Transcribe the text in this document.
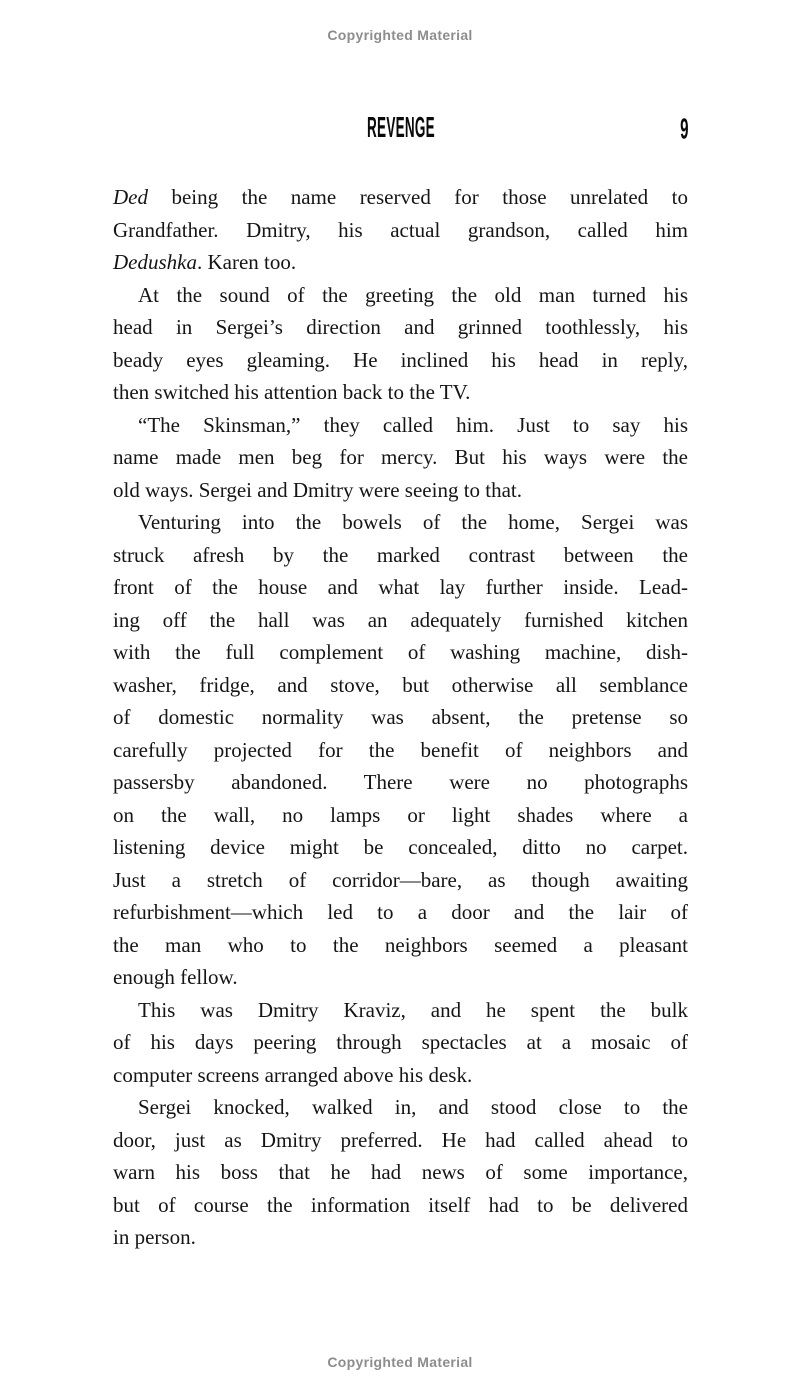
Copyrighted Material
REVENGE	9
Ded being the name reserved for those unrelated to
Grandfather. Dmitry, his actual grandson, called him
Dedushka. Karen too.
At the sound of the greeting the old man turned his
head in Sergei’s direction and grinned toothlessly, his
beady eyes gleaming. He inclined his head in reply,
then switched his attention back to the TV.
“The Skinsman,” they called him. Just to say his
name made men beg for mercy. But his ways were the
old ways. Sergei and Dmitry were seeing to that.
Venturing into the bowels of the home, Sergei was
struck afresh by the marked contrast between the
front of the house and what lay further inside. Lead-
ing off the hall was an adequately furnished kitchen
with the full complement of washing machine, dish-
washer, fridge, and stove, but otherwise all semblance
of domestic normality was absent, the pretense so
carefully projected for the benefit of neighbors and
passersby abandoned. There were no photographs
on the wall, no lamps or light shades where a
listening device might be concealed, ditto no carpet.
Just a stretch of corridor—bare, as though awaiting
refurbishment—which led to a door and the lair of
the man who to the neighbors seemed a pleasant
enough fellow.
This was Dmitry Kraviz, and he spent the bulk
of his days peering through spectacles at a mosaic of
computer screens arranged above his desk.
Sergei knocked, walked in, and stood close to the
door, just as Dmitry preferred. He had called ahead to
warn his boss that he had news of some importance,
but of course the information itself had to be delivered
in person.
Copyrighted Material
